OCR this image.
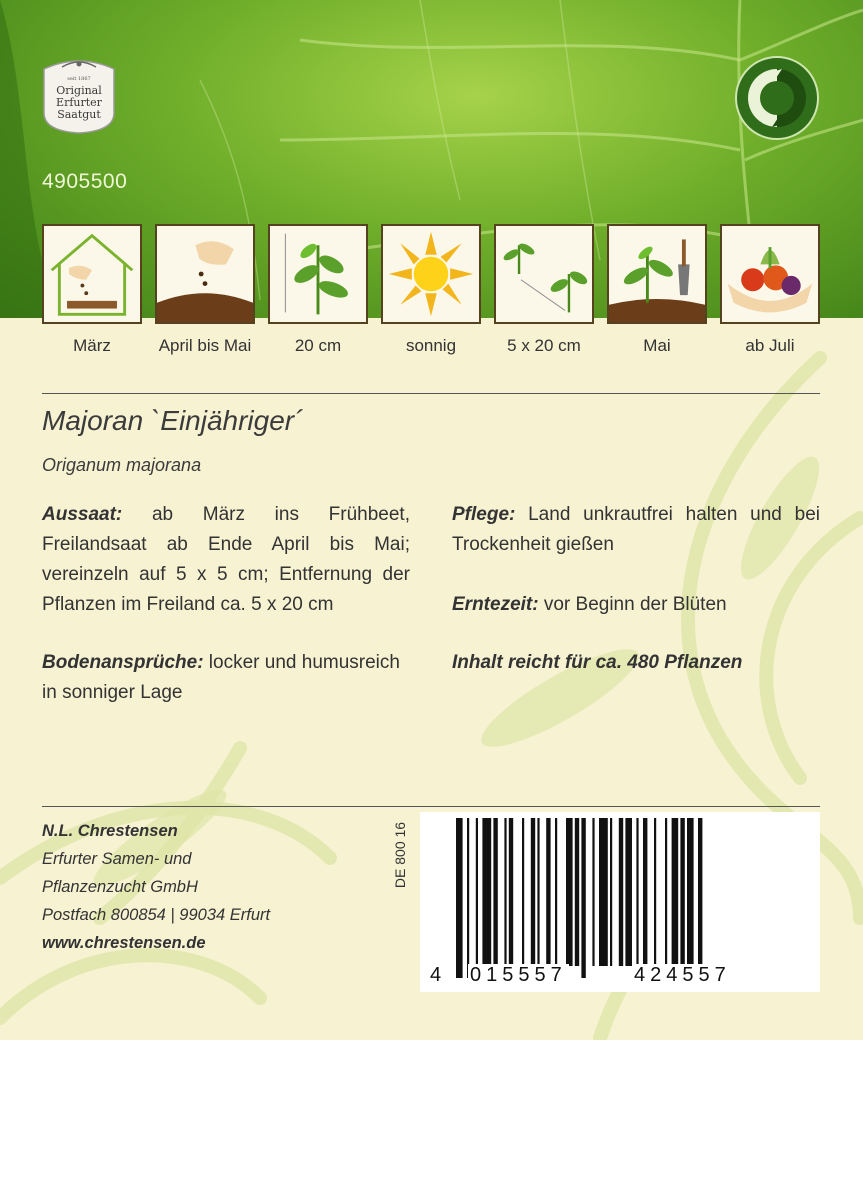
seit 1867
Original
Erfurter
Saatgut
4905500
März	April bis Mai	20 cm	sonnig	5 x 20 cm	Mai	ab Juli
Majoran `Einjähriger´
Origanum majorana
Aussaat: ab März ins Frühbeet, Freilandsaat ab Ende April bis Mai; vereinzeln auf 5 x 5 cm; Entfernung der Pflanzen im Freiland ca. 5 x 20 cm
Bodenansprüche: locker und humusreich in sonniger Lage
Pflege: Land unkrautfrei halten und bei Trockenheit gießen
Erntezeit: vor Beginn der Blüten
Inhalt reicht für ca. 480 Pflanzen
N.L. Chrestensen
Erfurter Samen- und
Pflanzenzucht GmbH
Postfach 800854 | 99034 Erfurt
www.chrestensen.de
DE 800 16
4 015557	424557
